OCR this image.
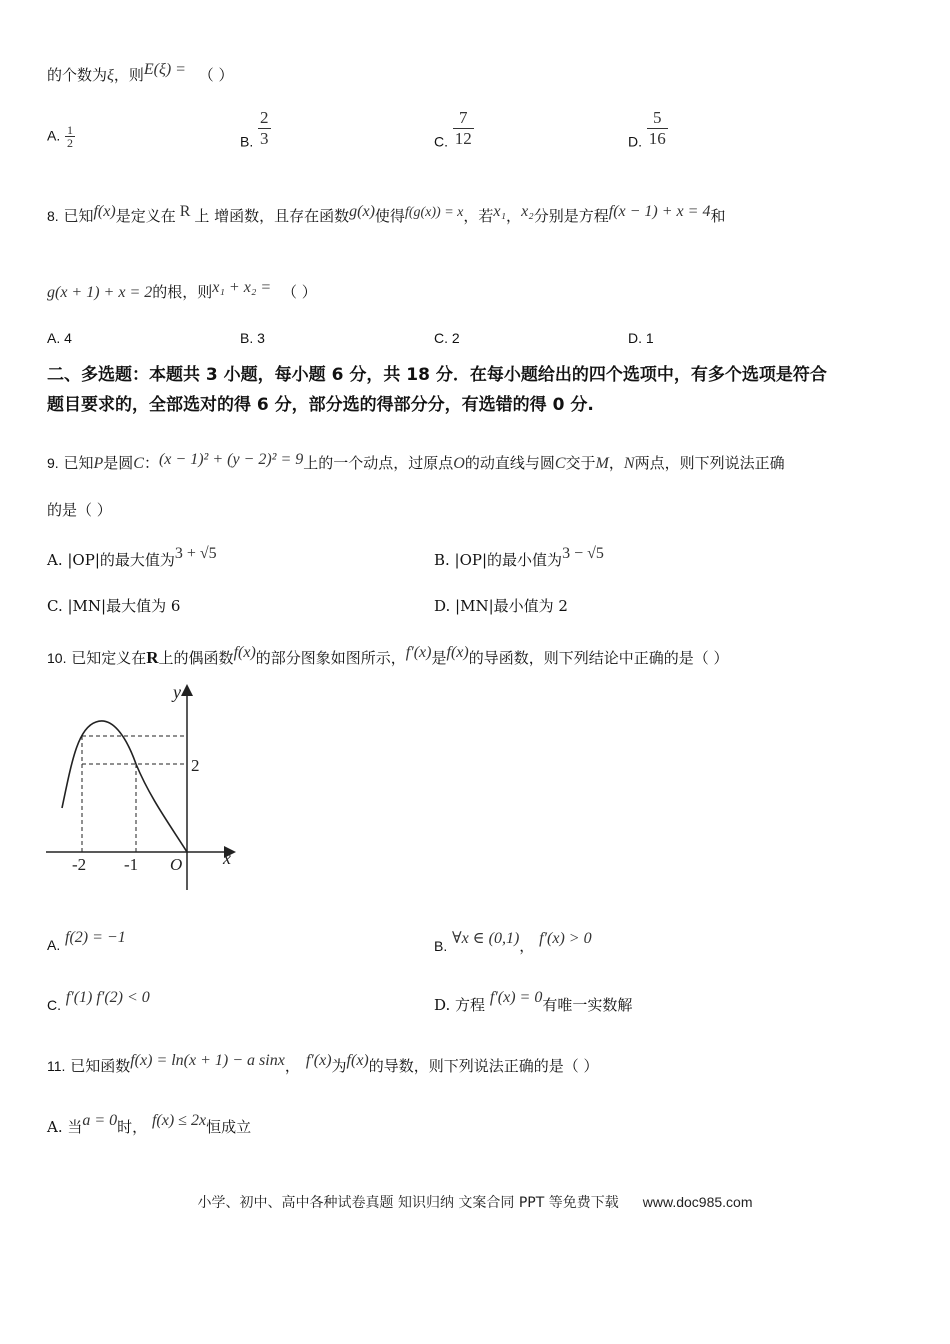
的个数为ξ，则E(ξ) = （ ）
A. $\frac{1}{2}$	B. $\frac{2}{3}$	C. $\frac{7}{12}$	D. $\frac{5}{16}$
8. 已知f(x)是定义在 R 上 增函数，且存在函数g(x)使得f(g(x)) = x，若x₁，x₂分别是方程f(x − 1) + x = 4和
g(x + 1) + x = 2的根，则x₁ + x₂ = （ ）
A. 4	B. 3	C. 2	D. 1
二、多选题：本题共 3 小题，每小题 6 分，共 18 分．在每小题给出的四个选项中，有多个选项是符合
题目要求的，全部选对的得 6 分，部分选的得部分分，有选错的得 0 分.
9. 已知P是圆C：(x − 1)² + (y − 2)² = 9上的一个动点，过原点O的动直线与圆C交于M，N两点，则下列说法正确
的是（ ）
A. |OP|的最大值为3 + √5	B. |OP|的最小值为3 − √5
C. |MN|最大值为 6	D. |MN|最小值为 2
10. 已知定义在R上的偶函数f(x)的部分图象如图所示，f′(x)是f(x)的导函数，则下列结论中正确的是（ ）
y
x
O
-2 -1
2
A. f(2) = −1	B. ∀x ∈ (0,1)， f′(x) > 0
C. f′(1) f′(2) < 0	D. 方程 f′(x) = 0有唯一实数解
11. 已知函数f(x) = ln(x + 1) − a sinx， f′(x)为f(x)的导数，则下列说法正确的是（ ）
A. 当a = 0时， f(x) ≤ 2x恒成立
小学、初中、高中各种试卷真题 知识归纳 文案合同 PPT 等免费下载 www.doc985.com
